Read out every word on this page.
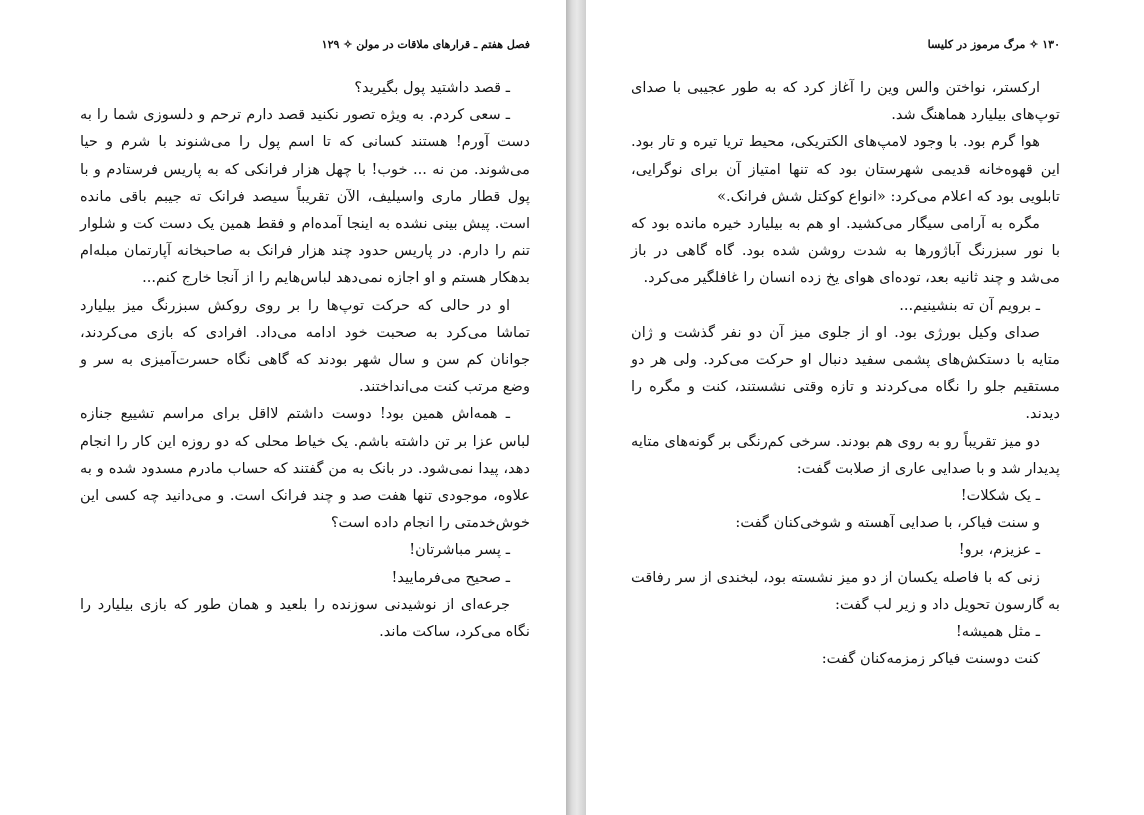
فصل هفتم ـ قرارهای ملاقات در مولن ✧ ۱۲۹

ـ قصد داشتید پول بگیرید؟

ـ سعی کردم. به ویژه تصور نکنید قصد دارم ترحم و دلسوزی شما را به دست آورم! هستند کسانی که تا اسم پول را می‌شنوند با شرم و حیا می‌شوند. من نه ... خوب! با چهل هزار فرانکی که به پاریس فرستادم و با پول قطار ماری واسیلیف، الآن تقریباً سیصد فرانک ته جیبم باقی مانده است. پیش بینی نشده به اینجا آمده‌ام و فقط همین یک دست کت و شلوار تنم را دارم. در پاریس حدود چند هزار فرانک به صاحبخانه آپارتمان مبله‌ام بدهکار هستم و او اجازه نمی‌دهد لباس‌هایم را از آنجا خارج کنم...

او در حالی که حرکت توپ‌ها را بر روی روکش سبزرنگ میز بیلیارد تماشا می‌کرد به صحبت خود ادامه می‌داد. افرادی که بازی می‌کردند، جوانان کم سن و سال شهر بودند که گاهی نگاه حسرت‌آمیزی به سر و وضع مرتب کنت می‌انداختند.

ـ همه‌اش همین بود! دوست داشتم لااقل برای مراسم تشییع جنازه لباس عزا بر تن داشته باشم. یک خیاط محلی که دو روزه این کار را انجام دهد، پیدا نمی‌شود. در بانک به من گفتند که حساب مادرم مسدود شده و به علاوه، موجودی تنها هفت صد و چند فرانک است. و می‌دانید چه کسی این خوش‌خدمتی را انجام داده است؟

ـ پسر مباشرتان!

ـ صحیح می‌فرمایید!

جرعه‌ای از نوشیدنی سوزنده را بلعید و همان طور که بازی بیلیارد را نگاه می‌کرد، ساکت ماند.

۱۳۰ ✧ مرگ مرموز در کلیسا

ارکستر، نواختن والس وین را آغاز کرد که به طور عجیبی با صدای توپ‌های بیلیارد هماهنگ شد.

هوا گرم بود. با وجود لامپ‌های الکتریکی، محیط تریا تیره و تار بود. این قهوه‌خانه قدیمی شهرستان بود که تنها امتیاز آن برای نوگرایی، تابلویی بود که اعلام می‌کرد: «انواع کوکتل شش فرانک.»

مگره به آرامی سیگار می‌کشید. او هم به بیلیارد خیره مانده بود که با نور سبزرنگ آباژورها به شدت روشن شده بود. گاه گاهی در باز می‌شد و چند ثانیه بعد، توده‌ای هوای یخ زده انسان را غافلگیر می‌کرد.

ـ برویم آن ته بنشینیم...

صدای وکیل بورژی بود. او از جلوی میز آن دو نفر گذشت و ژان متایه با دستکش‌های پشمی سفید دنبال او حرکت می‌کرد. ولی هر دو مستقیم جلو را نگاه می‌کردند و تازه وقتی نشستند، کنت و مگره را دیدند.

دو میز تقریباً رو به روی هم بودند. سرخی کم‌رنگی بر گونه‌های متایه پدیدار شد و با صدایی عاری از صلابت گفت:

ـ یک شکلات!

و سنت فیاکر، با صدایی آهسته و شوخی‌کنان گفت:

ـ عزیزم، برو!

زنی که با فاصله یکسان از دو میز نشسته بود، لبخندی از سر رفاقت به گارسون تحویل داد و زیر لب گفت:

ـ مثل همیشه!

کنت دوسنت فیاکر زمزمه‌کنان گفت:
